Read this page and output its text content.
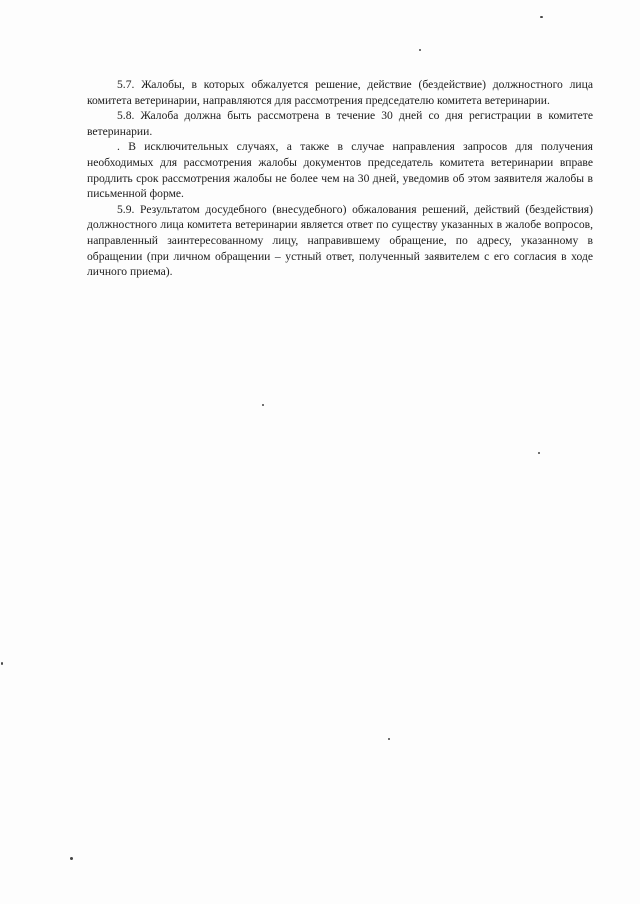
5.7. Жалобы, в которых обжалуется решение, действие (бездействие) должностного лица комитета ветеринарии, направляются для рассмотрения председателю комитета ветеринарии.

5.8. Жалоба должна быть рассмотрена в течение 30 дней со дня регистрации в комитете ветеринарии.

. В исключительных случаях, а также в случае направления запросов для получения необходимых для рассмотрения жалобы документов председатель комитета ветеринарии вправе продлить срок рассмотрения жалобы не более чем на 30 дней, уведомив об этом заявителя жалобы в письменной форме.

5.9. Результатом досудебного (внесудебного) обжалования решений, действий (бездействия) должностного лица комитета ветеринарии является ответ по существу указанных в жалобе вопросов, направленный заинтересованному лицу, направившему обращение, по адресу, указанному в обращении (при личном обращении – устный ответ, полученный заявителем с его согласия в ходе личного приема).
